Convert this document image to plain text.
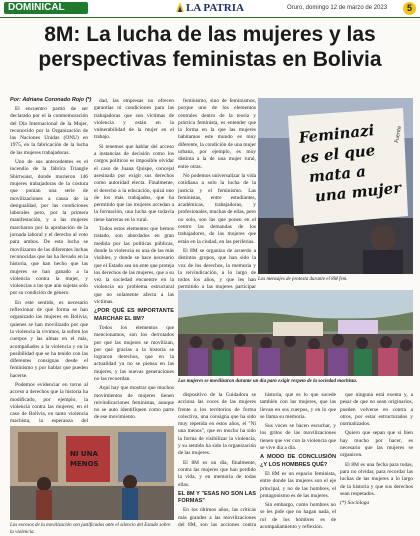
DOMINICAL	LA PATRIA	Oruro, domingo 12 de marzo de 2023	5
8M: La lucha de las mujeres y las perspectivas feministas en Bolivia
Por: Adriana Coronado Rojo (*)

El encuentro partió de ser declarado por el la conmemoración del Día Internacional de la Mujer, reconocido por la Organización de las Naciones Unidas (ONU) en 1975, en la fabricación de la lucha de las mujeres trabajadoras.

Uno de sus antecedentes es el incendio de la fábrica Triangle Shirtwaist, donde murieron 146 mujeres trabajadoras de la costura que ponían una serie de movilizaciones a causa de la desigualdad, por las condiciones laborales pero, por la primera manifestación, y a las mujeres marcharon por la aprobación de la jornada laboral y el derecho al voto para ambos. De esta lucha se movilizaron de las diferentes luchas reconocidas que las ha llevado en la historia, que han hecho que las mujeres se han ganado a la violencia contra la mujer, y violencias a las que aún sujetas solo por su condición de género.

En este sentido, es necesario reflexionar de qué forma se han organizado las mujeres en Bolivia, quienes se han movilizado por que la violencia la vivimos, la sufren los cuerpos y las almas en el más, acompañados a la violencia y en la posibilidad que se ha tenido con las diferentes consignas desde el feminismo y por hablar que pueden hacerse.

Podemos evidenciar en torno al acceso a derechos que la historia ha modificado, por ejemplo, la violencia contra las mujeres; en el caso de Bolivia, en tanto violencia machista, la esperanza del

dad, las empresas no ofrecen garantías ni condiciones para las trabajadoras que son víctimas de violencia y están en la vulnerabilidad de la mujer en el trabajo.

Si tenemos que hablar del acceso a instancias de decisión como los cargos políticos es imposible olvidar el caso de Juana Quispe, concejal asesinada por exigir sus derechos como autoridad electa. Finalmente, el derecho a la educación, quizá uno de los más trabajados, que ha permitido que las mujeres accedan a la formación, una lucha que todavía tiene barreras en lo rural.

Todos estos elementos que hemos tratado, son abordados en gran medida por las políticas públicas, donde la violencia es una de las más visibles, y donde se hace necesario que el Estado sea un ente que proteja los derechos de las mujeres, que a su vez la sociedad encuentre en la violencia un problema estructural que no solamente afecta a las víctimas.

¿POR QUÉ ES IMPORTANTE MARCHAR EL 8M?

Todos los elementos que mencionamos, son los derrotados por qué las mujeres se movilizan, por qué gracias a la historia se lograron derechos, que en la actualidad ya no se piensa en las mujeres, y las nuevas generaciones no las recuerdan.

Aquí hay que mostrar que muchos movimientos de mujeres tienen reivindicaciones feministas, aunque no se auto identifiquen como parte de ese movimiento.

feminismo, sino de feminismos, porque uno de los elementos centrales dentro de la teoría y práctica feminista, es entender que la forma en la que las mujeres habitamos este mundo es muy diferente, la condición de una mujer urbana, por ejemplo, es muy distinta a la de una mujer rural, entre otras.

No podemos universalizar la vida cotidiana a solo la lucha de la justicia y el feminismo. Las feministas, entre estudiantes, académicas, trabajadoras, y profesionales, muchas de ellas, pero no solo, son las que ponen en el centro las demandas de los trabajadores, de las mujeres que están en la ciudad, en las periferias.

El 8M se organiza de acuerdo a distintos grupos, que han sido la voz de los derechos, la memoria y la reivindicación, a lo largo de todos los años, y que les han permitido a las mujeres participar

Feminazi
es el que
mata a
una mujer
Fuente
Los mensajes de protesta durante el 8M fem.
Las mujeres se movilizaron durante un día para exigir respeto de la sociedad machista.
NI UNA
MENOS
Los excesos de la movilización son justificados ante el silencio del Estado sobre la violencia.

dispositivo de la Cuidadora se acciona las voces de las mujeres frente a los territorios de forma colectiva, una consigna que ha sido muy repetida en estos años, el "Ni una menos", que en mucho ha sido la forma de visibilizar la violencia, y su sentido ha sido la organización de las mujeres.

El 8M es un día, finalmente, contra las mujeres que han perdido la vida, y en memoria de todas ellas.

EL 8M Y "ESAS NO SON LAS FORMAS"

En los últimos años, las críticas más grandes a las movilizaciones del 8M, son las acciones contra

historia, que es lo que sucede también con las mujeres, que las llevan en sus cuerpos, y en lo que se llama su memoria.

Sus voces se hacen escuchar, y los gritos de las movilizaciones tienen que ver con la violencia que se vive día a día.

A MODO DE CONCLUSIÓN ¿Y LOS HOMBRES QUÉ?

El 8M es un espacio feminista, entre donde las mujeres son el eje principal, y no de las hombres, el protagonismo es de las mujeres.

Sin embargo, como hombres no se les pide que no hagan nada, el rol de los hombres es de acompañamiento y reflexión.

que ninguna está exenta y, a pesar de que no sean originarios, pueden volverse en contra a otros, por estar estructurados y normalizados.

Quiero que sepan que si bien hay mucho por hacer, es necesario que las mujeres se organicen.

El 8M es una fecha para todas, para no olvidar, para recordar las luchas de las mujeres a lo largo de la historia y que sus derechos sean respetados.

(*) Socióloga
